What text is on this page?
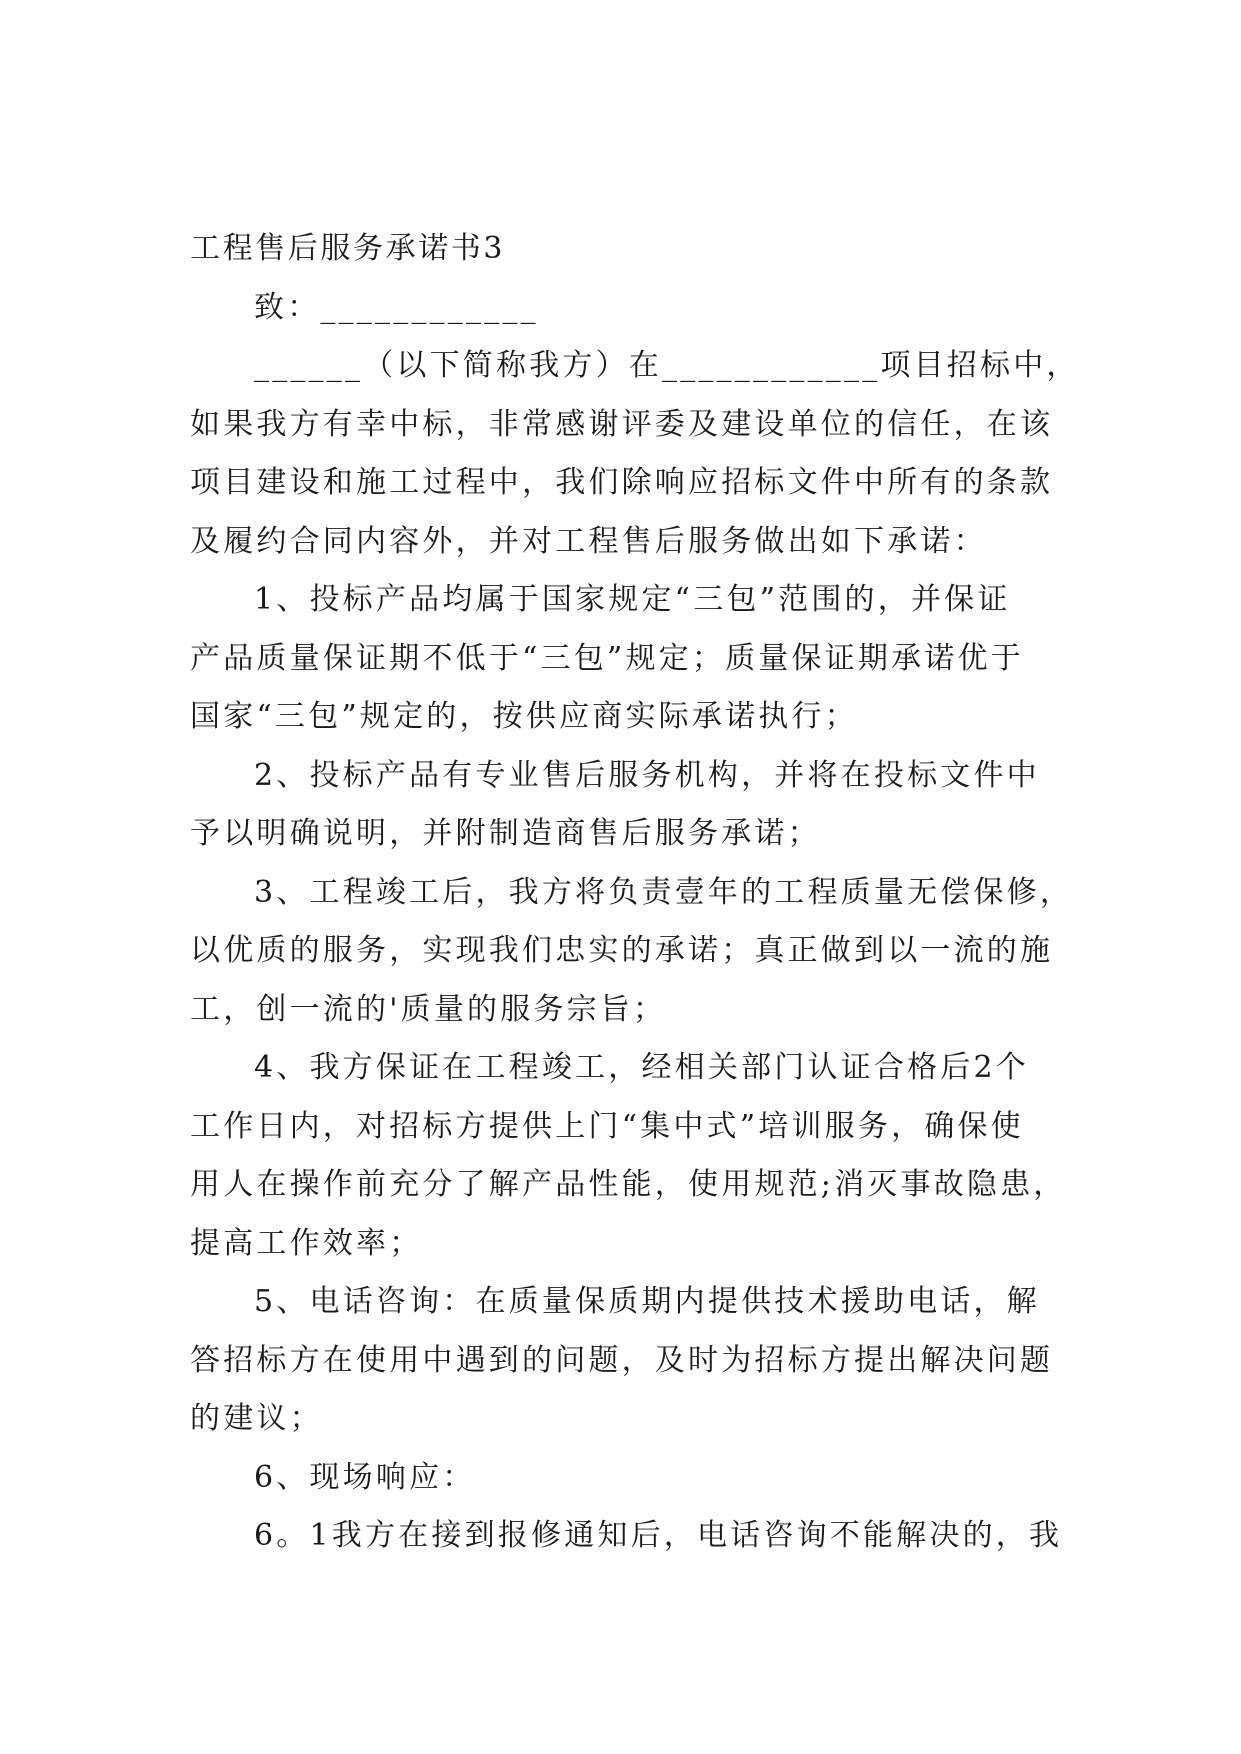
工程售后服务承诺书3
致：____________
______（以下简称我方）在____________项目招标中，
如果我方有幸中标，非常感谢评委及建设单位的信任，在该
项目建设和施工过程中，我们除响应招标文件中所有的条款
及履约合同内容外，并对工程售后服务做出如下承诺：
1、投标产品均属于国家规定“三包”范围的，并保证
产品质量保证期不低于“三包”规定；质量保证期承诺优于
国家“三包”规定的，按供应商实际承诺执行；
2、投标产品有专业售后服务机构，并将在投标文件中
予以明确说明，并附制造商售后服务承诺；
3、工程竣工后，我方将负责壹年的工程质量无偿保修，
以优质的服务，实现我们忠实的承诺；真正做到以一流的施
工，创一流的'质量的服务宗旨；
4、我方保证在工程竣工，经相关部门认证合格后2个
工作日内，对招标方提供上门“集中式”培训服务，确保使
用人在操作前充分了解产品性能，使用规范;消灭事故隐患，
提高工作效率；
5、电话咨询：在质量保质期内提供技术援助电话，解
答招标方在使用中遇到的问题，及时为招标方提出解决问题
的建议；
6、现场响应：
6。1我方在接到报修通知后，电话咨询不能解决的，我
